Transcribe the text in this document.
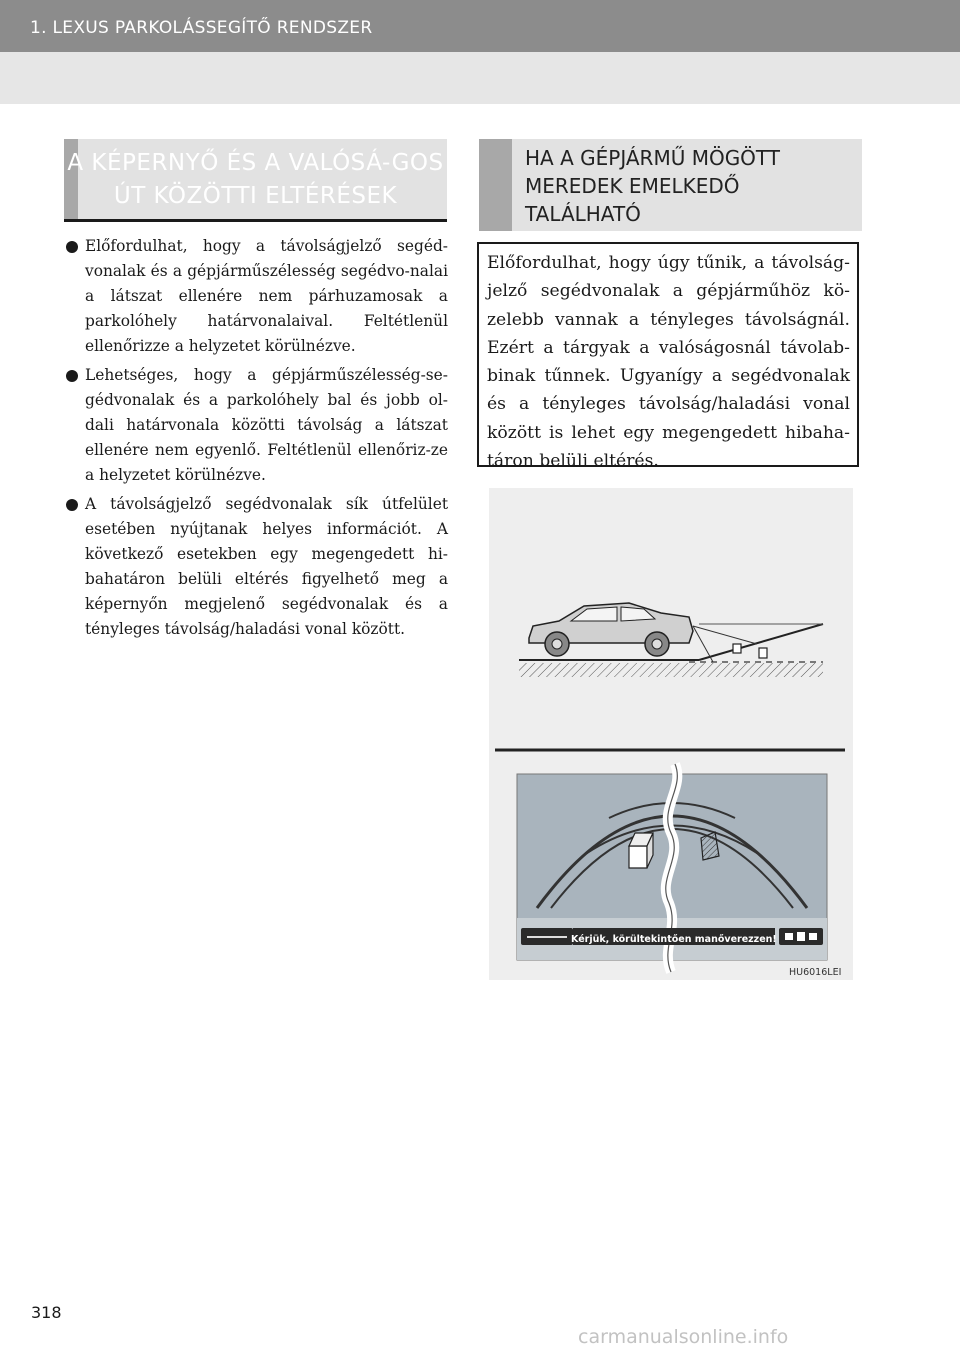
1. LEXUS PARKOLÁSSEGÍTŐ RENDSZER
A KÉPERNYŐ ÉS A VALÓSÁ-GOS ÚT KÖZÖTTI ELTÉRÉSEK
HA A GÉPJÁRMŰ MÖGÖTT MEREDEK EMELKEDŐ TALÁLHATÓ
Előfordulhat, hogy a távolságjelző segéd-vonalak és a gépjárműszélesség segédvo-nalai a látszat ellenére nem párhuzamosak a parkolóhely határvonalaival. Feltétlenül ellenőrizze a helyzetet körülnézve.
Lehetséges, hogy a gépjárműszélesség-se-gédvonalak és a parkolóhely bal és jobb ol-dali határvonala közötti távolság a látszat ellenére nem egyenlő. Feltétlenül ellenőriz-ze a helyzetet körülnézve.
A távolságjelző segédvonalak sík útfelület esetében nyújtanak helyes információt. A következő esetekben egy megengedett hi-bahatáron belüli eltérés figyelhető meg a képernyőn megjelenő segédvonalak és a tényleges távolság/haladási vonal között.
Előfordulhat, hogy úgy tűnik, a távolság-jelző segédvonalak a gépjárműhöz kö-zelebb vannak a tényleges távolságnál. Ezért a tárgyak a valóságosnál távolab-binak tűnnek. Ugyanígy a segédvonalak és a tényleges távolság/haladási vonal között is lehet egy megengedett hibaha-táron belüli eltérés.
Kérjük, körültekintően manőverezzen!
HU6016LEI
318
carmanualsonline.info
